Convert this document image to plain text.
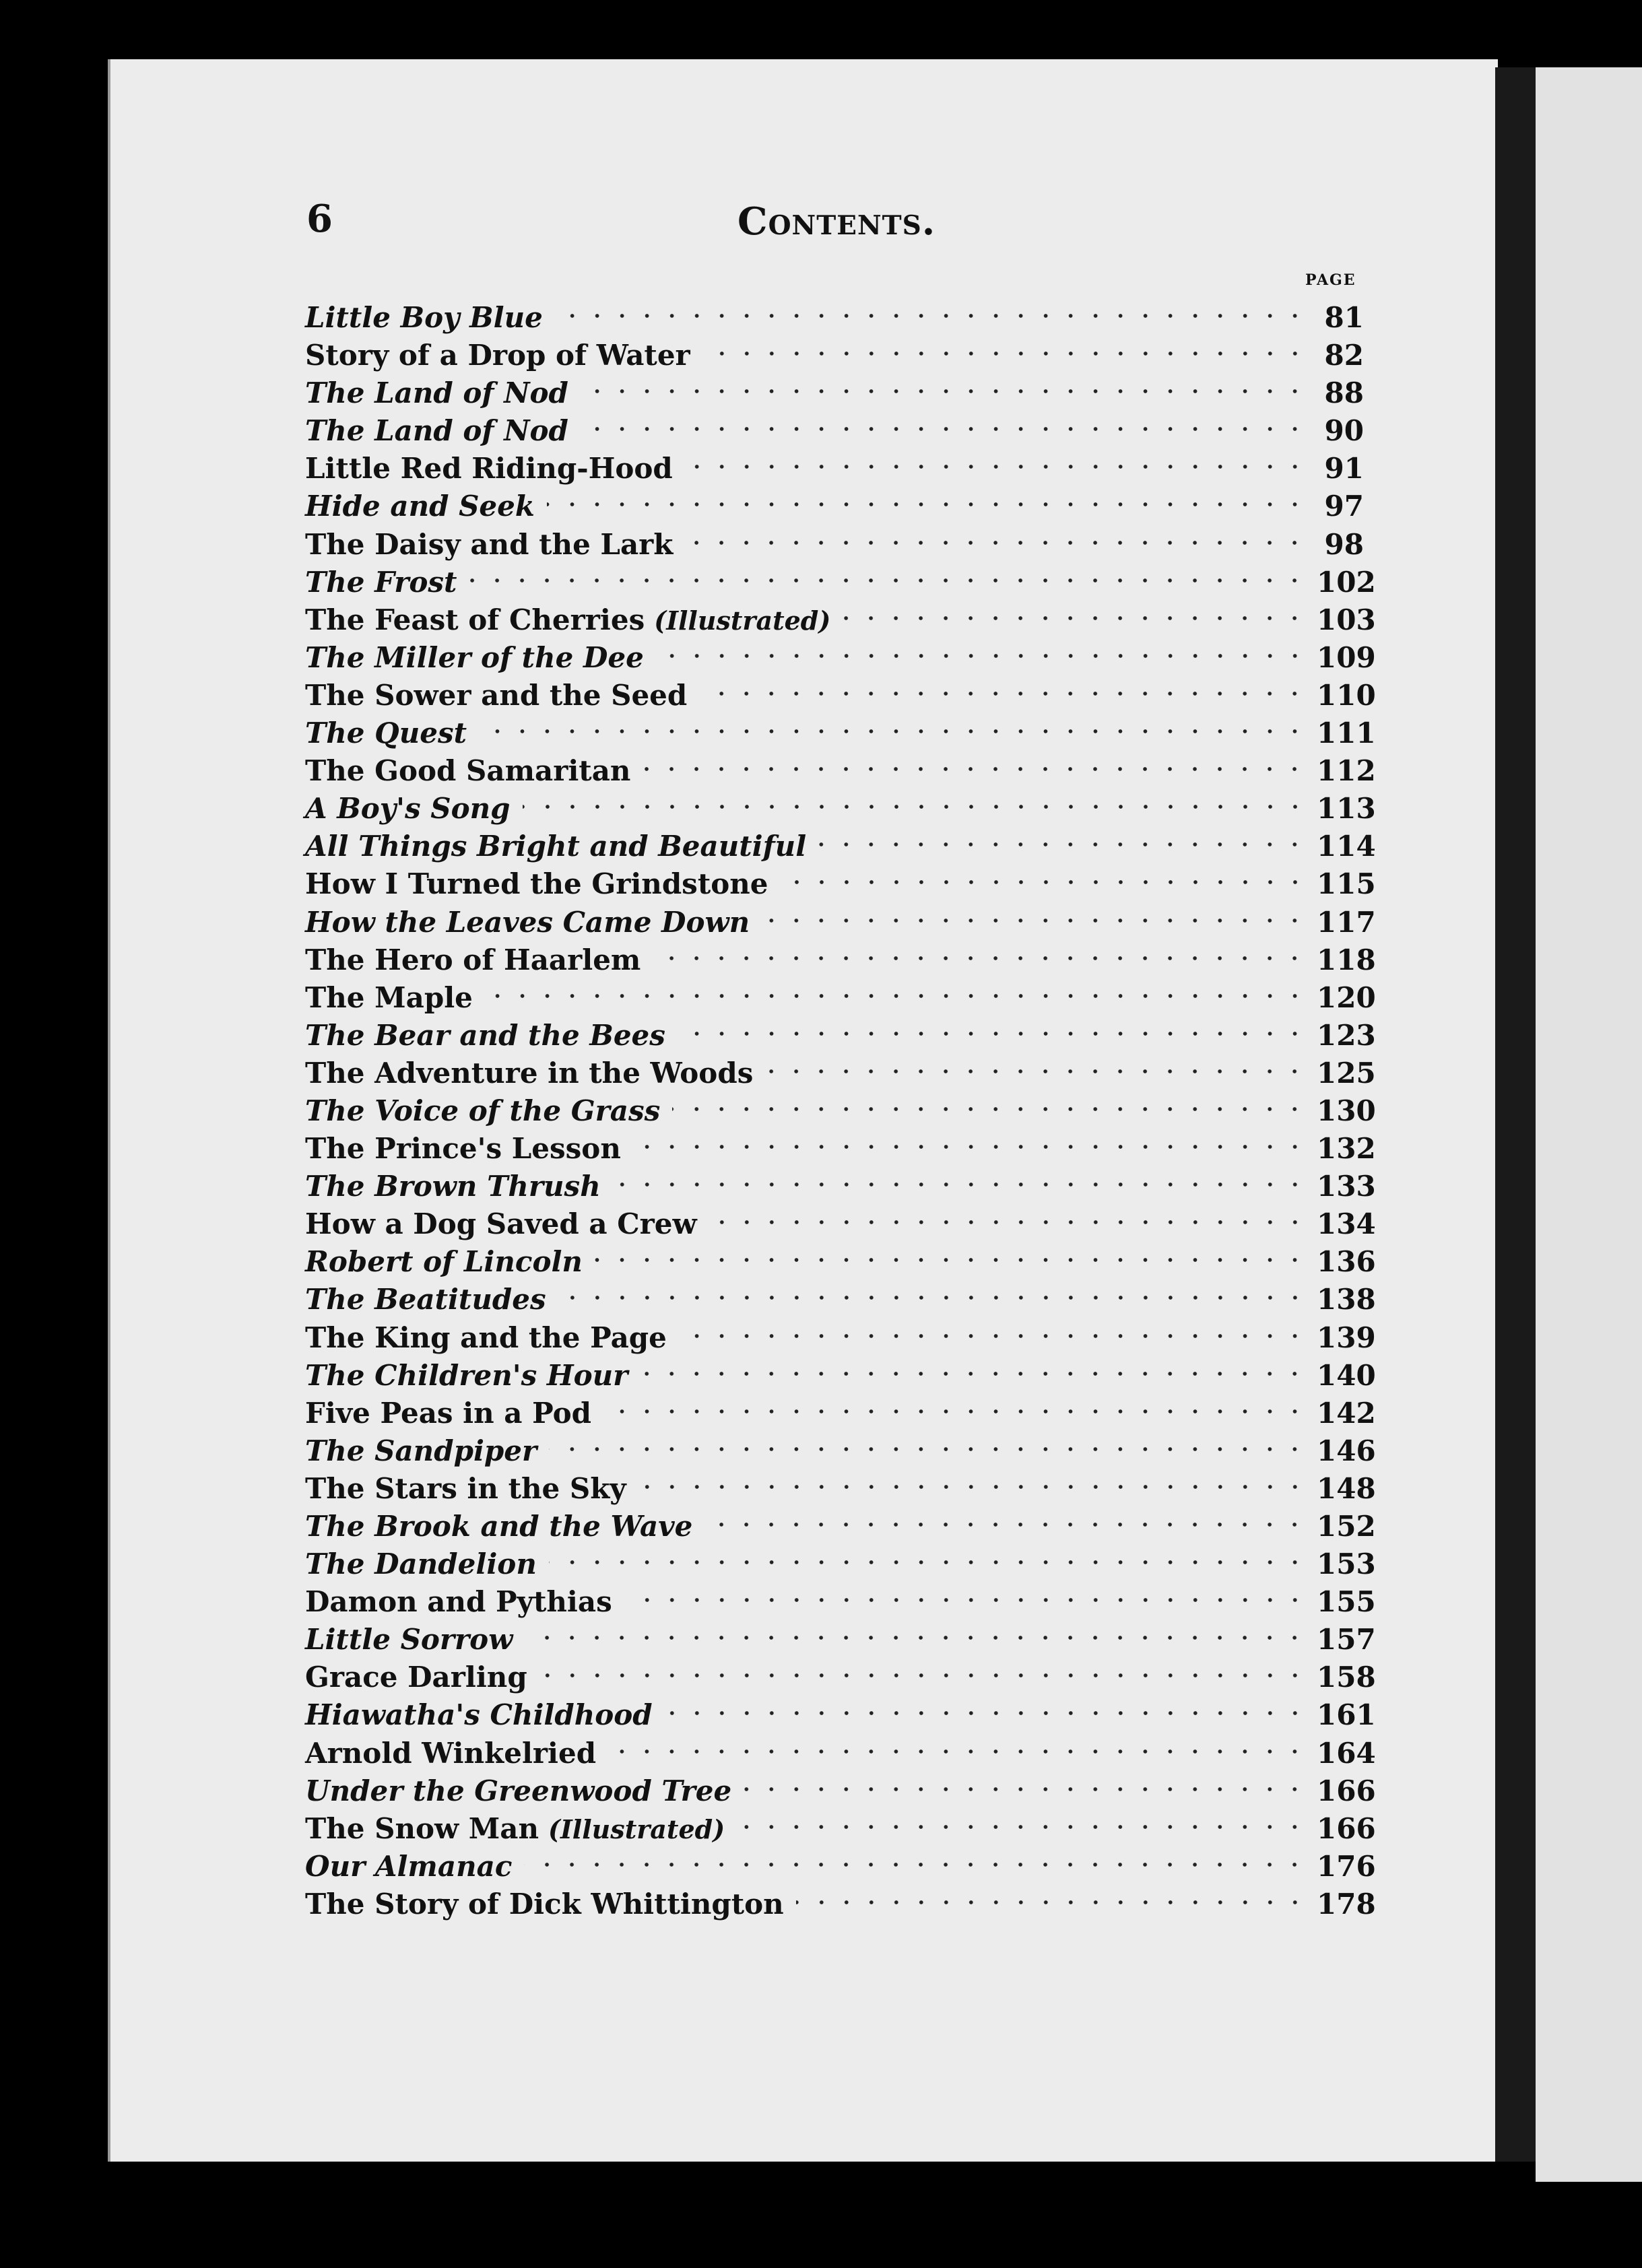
6	Contents.
PAGE
Little Boy Blue	81
Story of a Drop of Water	82
The Land of Nod	88
The Land of Nod	90
Little Red Riding-Hood	91
Hide and Seek	97
The Daisy and the Lark	98
The Frost	102
The Feast of Cherries (Illustrated)	103
The Miller of the Dee	109
The Sower and the Seed	110
The Quest	111
The Good Samaritan	112
A Boy's Song	113
All Things Bright and Beautiful	114
How I Turned the Grindstone	115
How the Leaves Came Down	117
The Hero of Haarlem	118
The Maple	120
The Bear and the Bees	123
The Adventure in the Woods	125
The Voice of the Grass	130
The Prince's Lesson	132
The Brown Thrush	133
How a Dog Saved a Crew	134
Robert of Lincoln	136
The Beatitudes	138
The King and the Page	139
The Children's Hour	140
Five Peas in a Pod	142
The Sandpiper	146
The Stars in the Sky	148
The Brook and the Wave	152
The Dandelion	153
Damon and Pythias	155
Little Sorrow	157
Grace Darling	158
Hiawatha's Childhood	161
Arnold Winkelried	164
Under the Greenwood Tree	166
The Snow Man (Illustrated)	166
Our Almanac	176
The Story of Dick Whittington	178
